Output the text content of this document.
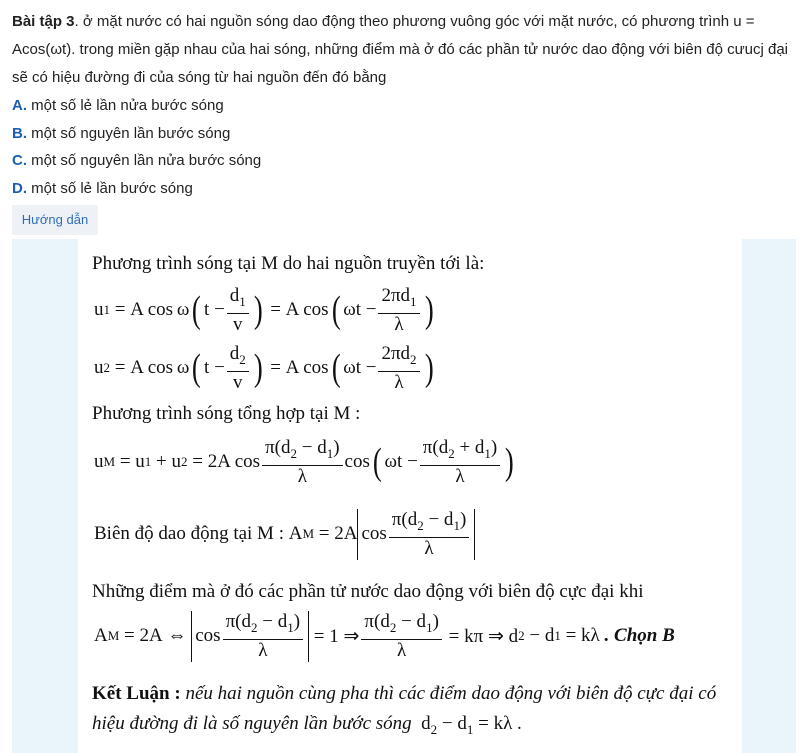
Bài tập 3. ở mặt nước có hai nguồn sóng dao động theo phương vuông góc với mặt nước, có phương trình u = Acos(ωt). trong miền gặp nhau của hai sóng, những điểm mà ở đó các phần tử nước dao động với biên độ cưucj đại sẽ có hiệu đường đi của sóng từ hai nguồn đến đó bằng
A. một số lẻ lần nửa bước sóng
B. một số nguyên lần bước sóng
C. một số nguyên lần nửa bước sóng
D. một số lẻ lần bước sóng
Hướng dẫn
Phương trình sóng tại M do hai nguồn truyền tới là:
u 1 = A cos ω ( $t - \frac{d_1}{v}$ ) = A cos ( $\omega t - \frac{2\pi d_1}{\lambda}$ )
u 2 = A cos ω ( $t - \frac{d_2}{v}$ ) = A cos ( $\omega t - \frac{2\pi d_2}{\lambda}$ )
Phương trình sóng tổng hợp tại M :
u M = u 1 + u 2 = 2A $\cos \frac{\pi(d_2 - d_1)}{\lambda}$ cos ( $\omega t - \frac{\pi(d_2 + d_1)}{\lambda}$ )
Biên độ dao động tại M : A M = 2A $\cos \frac{\pi(d_2 - d_1)}{\lambda}$
Những điểm mà ở đó các phần tử nước dao động với biên độ cực đại khi
A M = 2A ⇔ $\cos \frac{\pi(d_2 - d_1)}{\lambda} = 1$ ⇒ $\frac{\pi(d_2 - d_1)}{\lambda} = k\pi$ ⇒ d 2 − d 1 = kλ . Chọn B
Kết Luận : nếu hai nguồn cùng pha thì các điểm dao động với biên độ cực đại có
hiệu đường đi là số nguyên lần bước sóng  $d_2 - d_1 = k\lambda$ .
